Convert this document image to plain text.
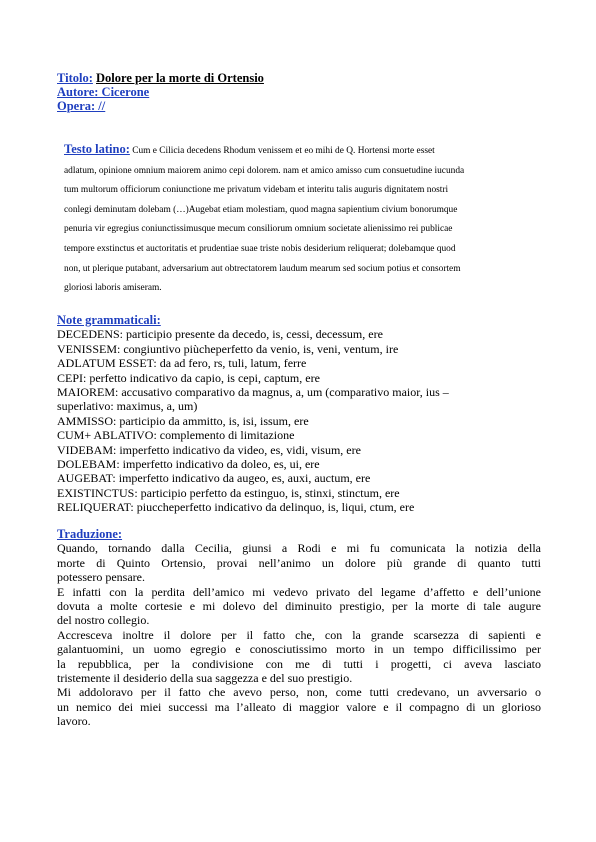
Titolo: Dolore per la morte di Ortensio
Autore: Cicerone
Opera: //
Testo latino: Cum e Cilicia decedens Rhodum venissem et eo mihi de Q. Hortensi morte esset
adlatum, opinione omnium maiorem animo cepi dolorem. nam et amico amisso cum consuetudine iucunda
tum multorum officiorum coniunctione me privatum videbam et interitu talis auguris dignitatem nostri
conlegi deminutam dolebam (…)Augebat etiam molestiam, quod magna sapientium civium bonorumque
penuria vir egregius coniunctissimusque mecum consiliorum omnium societate alienissimo rei publicae
tempore exstinctus et auctoritatis et prudentiae suae triste nobis desiderium reliquerat; dolebamque quod
non, ut plerique putabant, adversarium aut obtrectatorem laudum mearum sed socium potius et consortem
gloriosi laboris amiseram.
Note grammaticali:
DECEDENS: participio presente da decedo, is, cessi, decessum, ere
VENISSEM: congiuntivo piùcheperfetto da venio, is, veni, ventum, ire
ADLATUM ESSET: da ad fero, rs, tuli, latum, ferre
CEPI: perfetto indicativo da capio, is cepi, captum, ere
MAIOREM: accusativo comparativo da magnus, a, um (comparativo maior, ius –
superlativo: maximus, a, um)
AMMISSO: participio da ammitto, is, isi, issum, ere
CUM+ ABLATIVO: complemento di limitazione
VIDEBAM: imperfetto indicativo da video, es, vidi, visum, ere
DOLEBAM: imperfetto indicativo da doleo, es, ui, ere
AUGEBAT: imperfetto indicativo da augeo, es, auxi, auctum, ere
EXISTINCTUS: participio perfetto da estinguo, is, stinxi, stinctum, ere
RELIQUERAT: piuccheperfetto indicativo da delinquo, is, liqui, ctum, ere
Traduzione:
Quando, tornando dalla Cecilia, giunsi a Rodi e mi fu comunicata la notizia della
morte di Quinto Ortensio, provai nell’animo un dolore più grande di quanto tutti
potessero pensare.
E infatti con la perdita dell’amico mi vedevo privato del legame d’affetto e dell’unione
dovuta a molte cortesie e mi dolevo del diminuito prestigio, per la morte di tale augure
del nostro collegio.
Accresceva inoltre il dolore per il fatto che, con la grande scarsezza di sapienti e
galantuomini, un uomo egregio e conosciutissimo morto in un tempo difficilissimo per
la repubblica, per la condivisione con me di tutti i progetti, ci aveva lasciato
tristemente il desiderio della sua saggezza e del suo prestigio.
Mi addoloravo per il fatto che avevo perso, non, come tutti credevano, un avversario o
un nemico dei miei successi ma l’alleato di maggior valore e il compagno di un glorioso
lavoro.
